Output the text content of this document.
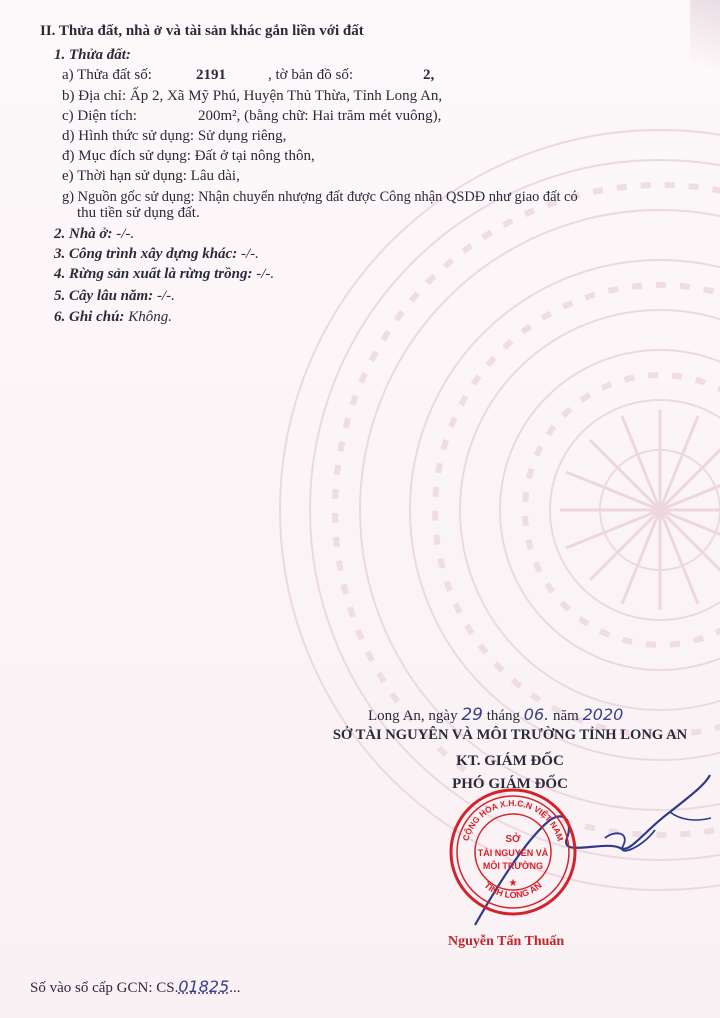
II. Thửa đất, nhà ở và tài sản khác gắn liền với đất
1. Thửa đất:
a) Thửa đất số:	2191	, tờ bản đồ số:	2,
b) Địa chỉ: Ấp 2, Xã Mỹ Phú, Huyện Thủ Thừa, Tỉnh Long An,
c) Diện tích:	200m², (bằng chữ: Hai trăm mét vuông),
d) Hình thức sử dụng: Sử dụng riêng,
đ) Mục đích sử dụng: Đất ở tại nông thôn,
e) Thời hạn sử dụng: Lâu dài,
g) Nguồn gốc sử dụng: Nhận chuyển nhượng đất được Công nhận QSDĐ như giao đất có
thu tiền sử dụng đất.
2. Nhà ở: -/-.
3. Công trình xây dựng khác: -/-.
4. Rừng sản xuất là rừng trồng: -/-.
5. Cây lâu năm: -/-.
6. Ghi chú: Không.
Long An, ngày 29 tháng 06. năm 2020
SỞ TÀI NGUYÊN VÀ MÔI TRƯỜNG TỈNH LONG AN
KT. GIÁM ĐỐC
PHÓ GIÁM ĐỐC
CỘNG HÒA X.H.C.N VIỆT NAM
TỈNH LONG AN
SỞ
TÀI NGUYÊN VÀ
MÔI TRƯỜNG
★
Nguyễn Tấn Thuấn
Số vào sổ cấp GCN: CS.01825...
